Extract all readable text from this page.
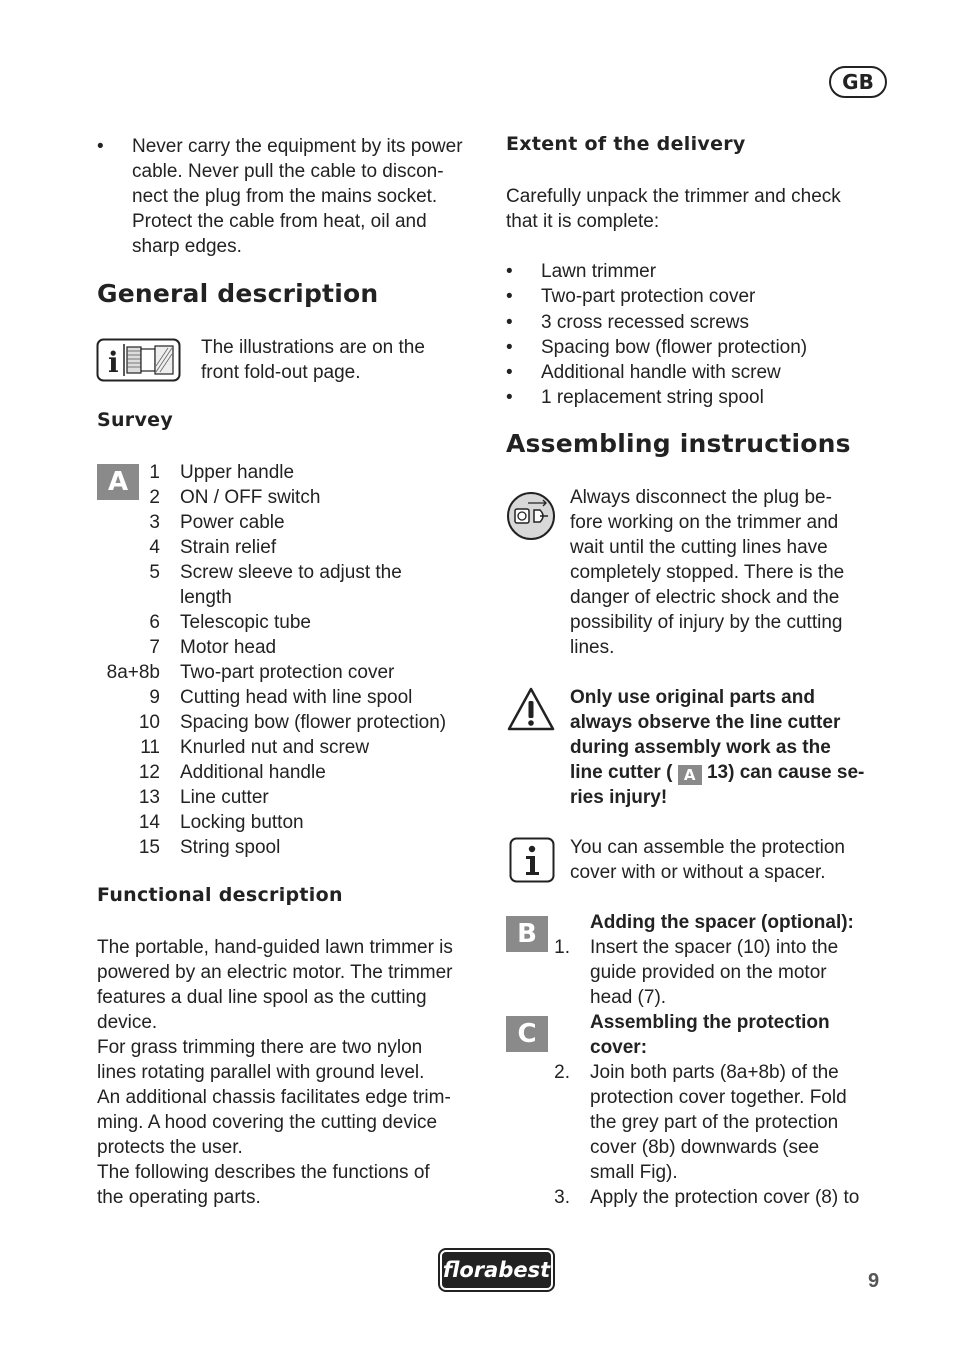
GB
• Never carry the equipment by its power
cable. Never pull the cable to discon-
nect the plug from the mains socket.
Protect the cable from heat, oil and
sharp edges.
General description
i	The illustrations are on the
front fold-out page.
Survey
A	1 Upper handle
2 ON / OFF switch
3 Power cable
4 Strain relief
5 Screw sleeve to adjust the
length
6 Telescopic tube
7 Motor head
8a+8b Two-part protection cover
9 Cutting head with line spool
10 Spacing bow (flower protection)
11 Knurled nut and screw
12 Additional handle
13 Line cutter
14 Locking button
15 String spool
Functional description
The portable, hand-guided lawn trimmer is
powered by an electric motor. The trimmer
features a dual line spool as the cutting
device.
For grass trimming there are two nylon
lines rotating parallel with ground level.
An additional chassis facilitates edge trim-
ming. A hood covering the cutting device
protects the user.
The following describes the functions of
the operating parts.
Extent of the delivery
Carefully unpack the trimmer and check
that it is complete:
• Lawn trimmer
• Two-part protection cover
• 3 cross recessed screws
• Spacing bow (flower protection)
• Additional handle with screw
• 1 replacement string spool
Assembling instructions
Always disconnect the plug be-
fore working on the trimmer and
wait until the cutting lines have
completely stopped. There is the
danger of electric shock and the
possibility of injury by the cutting
lines.
Only use original parts and
always observe the line cutter
during assembly work as the
line cutter ( A 13) can cause se-
ries injury!
You can assemble the protection
cover with or without a spacer.
B
C
Adding the spacer (optional):
1. Insert the spacer (10) into the
guide provided on the motor
head (7).
Assembling the protection
cover:
2. Join both parts (8a+8b) of the
protection cover together. Fold
the grey part of the protection
cover (8b) downwards (see
small Fig).
3. Apply the protection cover (8) to
florabest	9
